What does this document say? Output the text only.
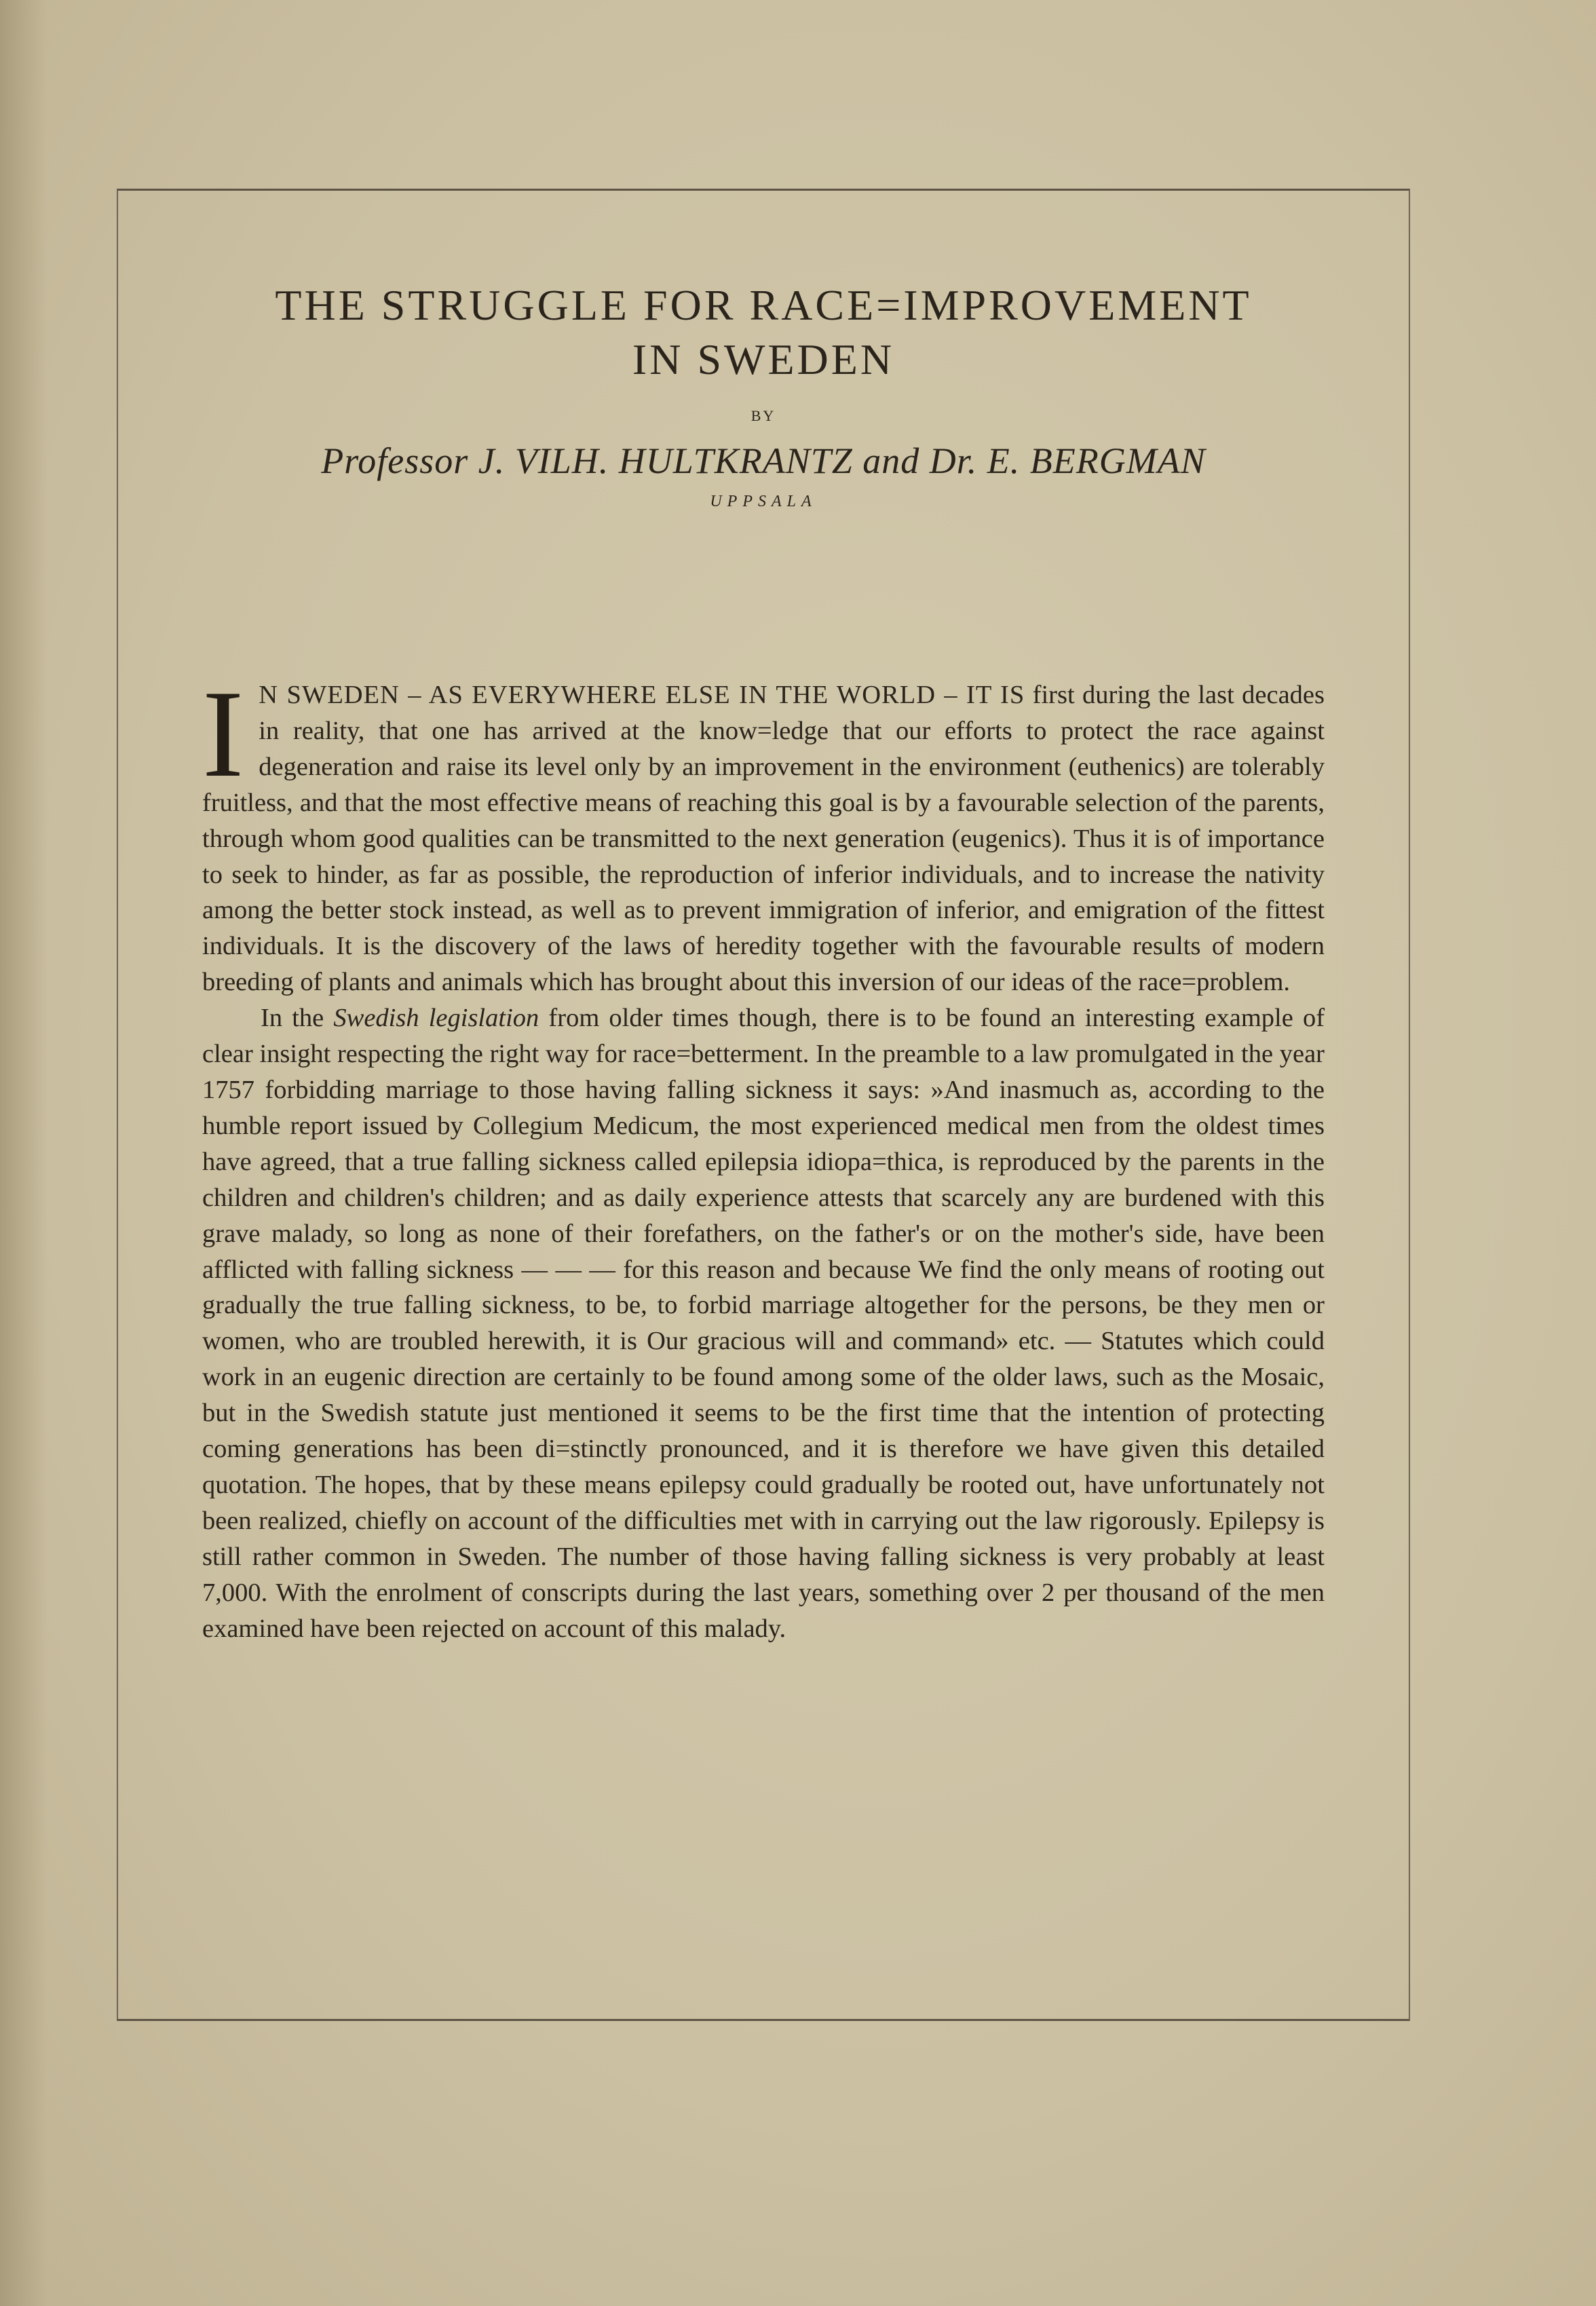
THE STRUGGLE FOR RACE=IMPROVEMENT
IN SWEDEN
BY
Professor J. VILH. HULTKRANTZ and Dr. E. BERGMAN
UPPSALA

I N SWEDEN – AS EVERYWHERE ELSE IN THE WORLD – IT IS first during the last decades in reality, that one has arrived at the know=ledge that our efforts to protect the race against degeneration and raise its level only by an improvement in the environment (euthenics) are tolerably fruitless, and that the most effective means of reaching this goal is by a favourable selection of the parents, through whom good qualities can be transmitted to the next generation (eugenics). Thus it is of importance to seek to hinder, as far as possible, the reproduction of inferior individuals, and to increase the nativity among the better stock instead, as well as to prevent immigration of inferior, and emigration of the fittest individuals. It is the discovery of the laws of heredity together with the favourable results of modern breeding of plants and animals which has brought about this inversion of our ideas of the race=problem.

In the Swedish legislation from older times though, there is to be found an interesting example of clear insight respecting the right way for race=betterment. In the preamble to a law promulgated in the year 1757 forbidding marriage to those having falling sickness it says: »And inasmuch as, according to the humble report issued by Collegium Medicum, the most experienced medical men from the oldest times have agreed, that a true falling sickness called epilepsia idiopa=thica, is reproduced by the parents in the children and children's children; and as daily experience attests that scarcely any are burdened with this grave malady, so long as none of their forefathers, on the father's or on the mother's side, have been afflicted with falling sickness — — — for this reason and because We find the only means of rooting out gradually the true falling sickness, to be, to forbid marriage altogether for the persons, be they men or women, who are troubled herewith, it is Our gracious will and command» etc. — Statutes which could work in an eugenic direction are certainly to be found among some of the older laws, such as the Mosaic, but in the Swedish statute just mentioned it seems to be the first time that the intention of protecting coming generations has been di=stinctly pronounced, and it is therefore we have given this detailed quotation. The hopes, that by these means epilepsy could gradually be rooted out, have unfortunately not been realized, chiefly on account of the difficulties met with in carrying out the law rigorously. Epilepsy is still rather common in Sweden. The number of those having falling sickness is very probably at least 7,000. With the enrolment of conscripts during the last years, something over 2 per thousand of the men examined have been rejected on account of this malady.
